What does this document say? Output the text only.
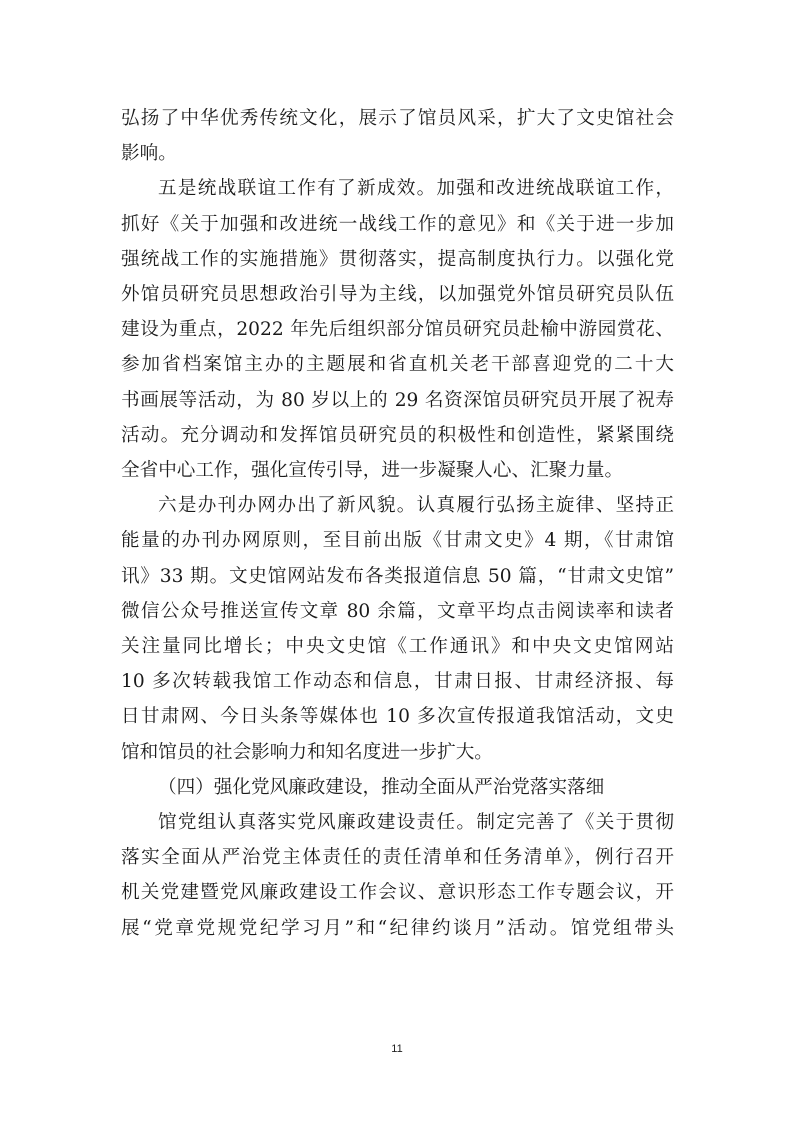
弘扬了中华优秀传统文化，展示了馆员风采，扩大了文史馆社会
影响。

五是统战联谊工作有了新成效。加强和改进统战联谊工作，
抓好《关于加强和改进统一战线工作的意见》和《关于进一步加
强统战工作的实施措施》贯彻落实，提高制度执行力。以强化党
外馆员研究员思想政治引导为主线，以加强党外馆员研究员队伍
建设为重点，2022 年先后组织部分馆员研究员赴榆中游园赏花、
参加省档案馆主办的主题展和省直机关老干部喜迎党的二十大
书画展等活动，为 80 岁以上的 29 名资深馆员研究员开展了祝寿
活动。充分调动和发挥馆员研究员的积极性和创造性，紧紧围绕
全省中心工作，强化宣传引导，进一步凝聚人心、汇聚力量。

六是办刊办网办出了新风貌。认真履行弘扬主旋律、坚持正
能量的办刊办网原则，至目前出版《甘肃文史》4 期，《甘肃馆
讯》33 期。文史馆网站发布各类报道信息 50 篇，“甘肃文史馆”
微信公众号推送宣传文章 80 余篇，文章平均点击阅读率和读者
关注量同比增长；中央文史馆《工作通讯》和中央文史馆网站
10 多次转载我馆工作动态和信息，甘肃日报、甘肃经济报、每
日甘肃网、今日头条等媒体也 10 多次宣传报道我馆活动，文史
馆和馆员的社会影响力和知名度进一步扩大。

（四）强化党风廉政建设，推动全面从严治党落实落细

馆党组认真落实党风廉政建设责任。制定完善了《关于贯彻
落实全面从严治党主体责任的责任清单和任务清单》，例行召开
机关党建暨党风廉政建设工作会议、意识形态工作专题会议，开
展“党章党规党纪学习月”和“纪律约谈月”活动。馆党组带头

11
